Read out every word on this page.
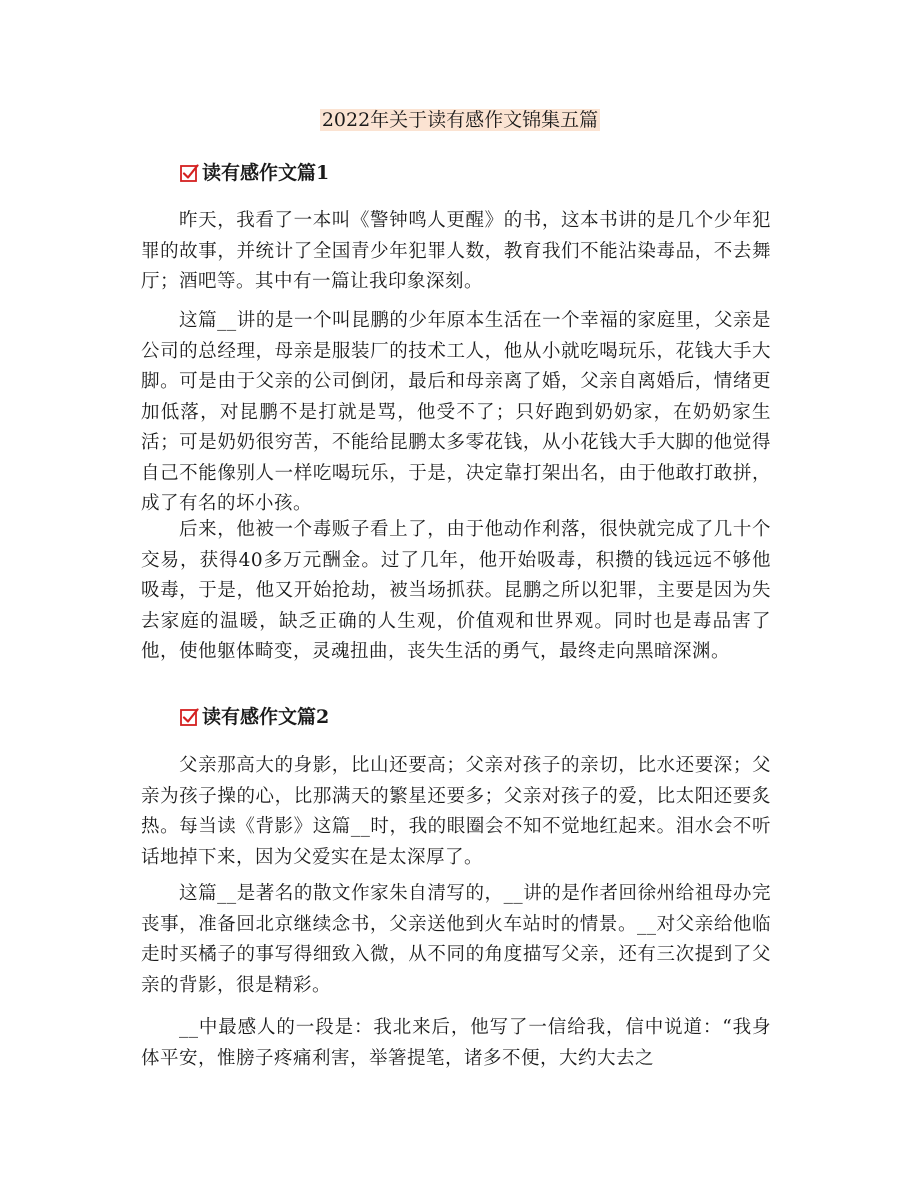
2022年关于读有感作文锦集五篇
读有感作文篇1

昨天，我看了一本叫《警钟鸣人更醒》的书，这本书讲的是几个少年犯罪的故事，并统计了全国青少年犯罪人数，教育我们不能沾染毒品，不去舞厅；酒吧等。其中有一篇让我印象深刻。

这篇__讲的是一个叫昆鹏的少年原本生活在一个幸福的家庭里，父亲是公司的总经理，母亲是服装厂的技术工人，他从小就吃喝玩乐，花钱大手大脚。可是由于父亲的公司倒闭，最后和母亲离了婚，父亲自离婚后，情绪更加低落，对昆鹏不是打就是骂，他受不了；只好跑到奶奶家，在奶奶家生活；可是奶奶很穷苦，不能给昆鹏太多零花钱，从小花钱大手大脚的他觉得自己不能像别人一样吃喝玩乐，于是，决定靠打架出名，由于他敢打敢拼，成了有名的坏小孩。

后来，他被一个毒贩子看上了，由于他动作利落，很快就完成了几十个交易，获得40多万元酬金。过了几年，他开始吸毒，积攒的钱远远不够他吸毒，于是，他又开始抢劫，被当场抓获。昆鹏之所以犯罪，主要是因为失去家庭的温暖，缺乏正确的人生观，价值观和世界观。同时也是毒品害了他，使他躯体畸变，灵魂扭曲，丧失生活的勇气，最终走向黑暗深渊。

读有感作文篇2

父亲那高大的身影，比山还要高；父亲对孩子的亲切，比水还要深；父亲为孩子操的心，比那满天的繁星还要多；父亲对孩子的爱，比太阳还要炙热。每当读《背影》这篇__时，我的眼圈会不知不觉地红起来。泪水会不听话地掉下来，因为父爱实在是太深厚了。

这篇__是著名的散文作家朱自清写的，__讲的是作者回徐州给祖母办完丧事，准备回北京继续念书，父亲送他到火车站时的情景。__对父亲给他临走时买橘子的事写得细致入微，从不同的角度描写父亲，还有三次提到了父亲的背影，很是精彩。

__中最感人的一段是：我北来后，他写了一信给我，信中说道：“我身体平安，惟膀子疼痛利害，举箸提笔，诸多不便，大约大去之
